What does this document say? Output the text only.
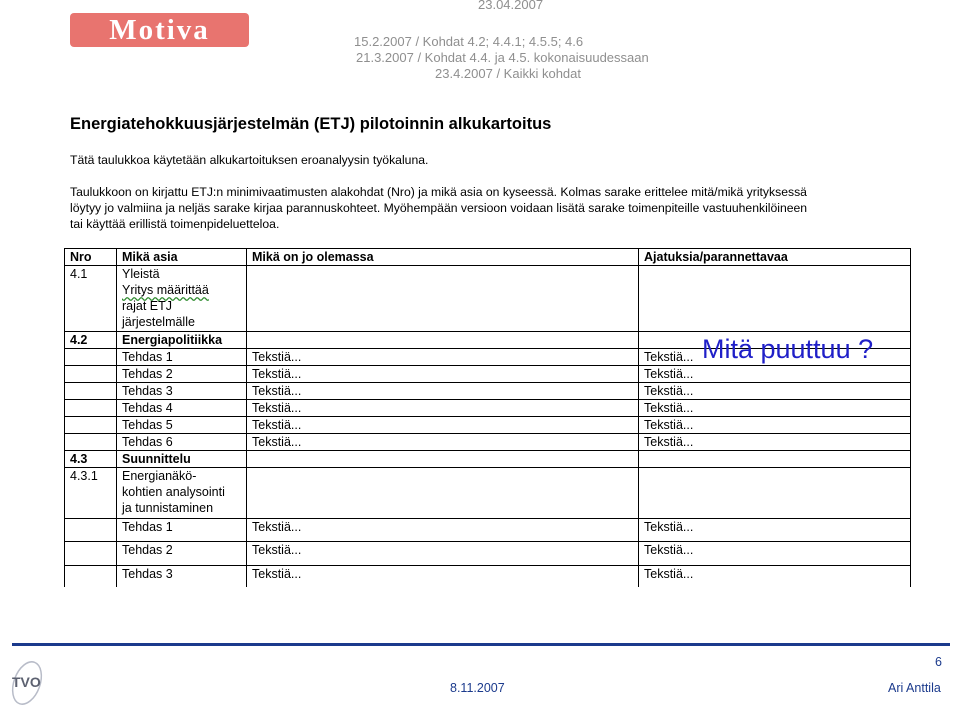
Motiva
23.04.2007
15.2.2007 / Kohdat 4.2; 4.4.1; 4.5.5; 4.6
21.3.2007 / Kohdat 4.4. ja 4.5. kokonaisuudessaan
23.4.2007 / Kaikki kohdat
Energiatehokkuusjärjestelmän (ETJ) pilotoinnin alkukartoitus
Tätä taulukkoa käytetään alkukartoituksen eroanalyysin työkaluna.
Taulukkoon on kirjattu ETJ:n minimivaatimusten alakohdat (Nro) ja mikä asia on kyseessä. Kolmas sarake erittelee mitä/mikä yrityksessä
löytyy jo valmiina ja neljäs sarake kirjaa parannuskohteet. Myöhempään versioon voidaan lisätä sarake toimenpiteille vastuuhenkilöineen
tai käyttää erillistä toimenpideluetteloa.
Nro	Mikä asia	Mikä on jo olemassa	Ajatuksia/parannettavaa
4.1	Yleistä
Yritys määrittää
rajat ETJ
järjestelmälle		

4.2	Energiapolitiikka		
	Tehdas 1	Tekstiä...	Tekstiä...
	Tehdas 2	Tekstiä...	Tekstiä...
	Tehdas 3	Tekstiä...	Tekstiä...
	Tehdas 4	Tekstiä...	Tekstiä...
	Tehdas 5	Tekstiä...	Tekstiä...
	Tehdas 6	Tekstiä...	Tekstiä...
4.3	Suunnittelu		
4.3.1	Energianäkö-
kohtien analysointi
ja tunnistaminen		

	Tehdas 1	Tekstiä...	Tekstiä...
	Tehdas 2	Tekstiä...	Tekstiä...
	Tehdas 3	Tekstiä...	Tekstiä...
Mitä puuttuu ?
TVO	8.11.2007	Ari Anttila
6
